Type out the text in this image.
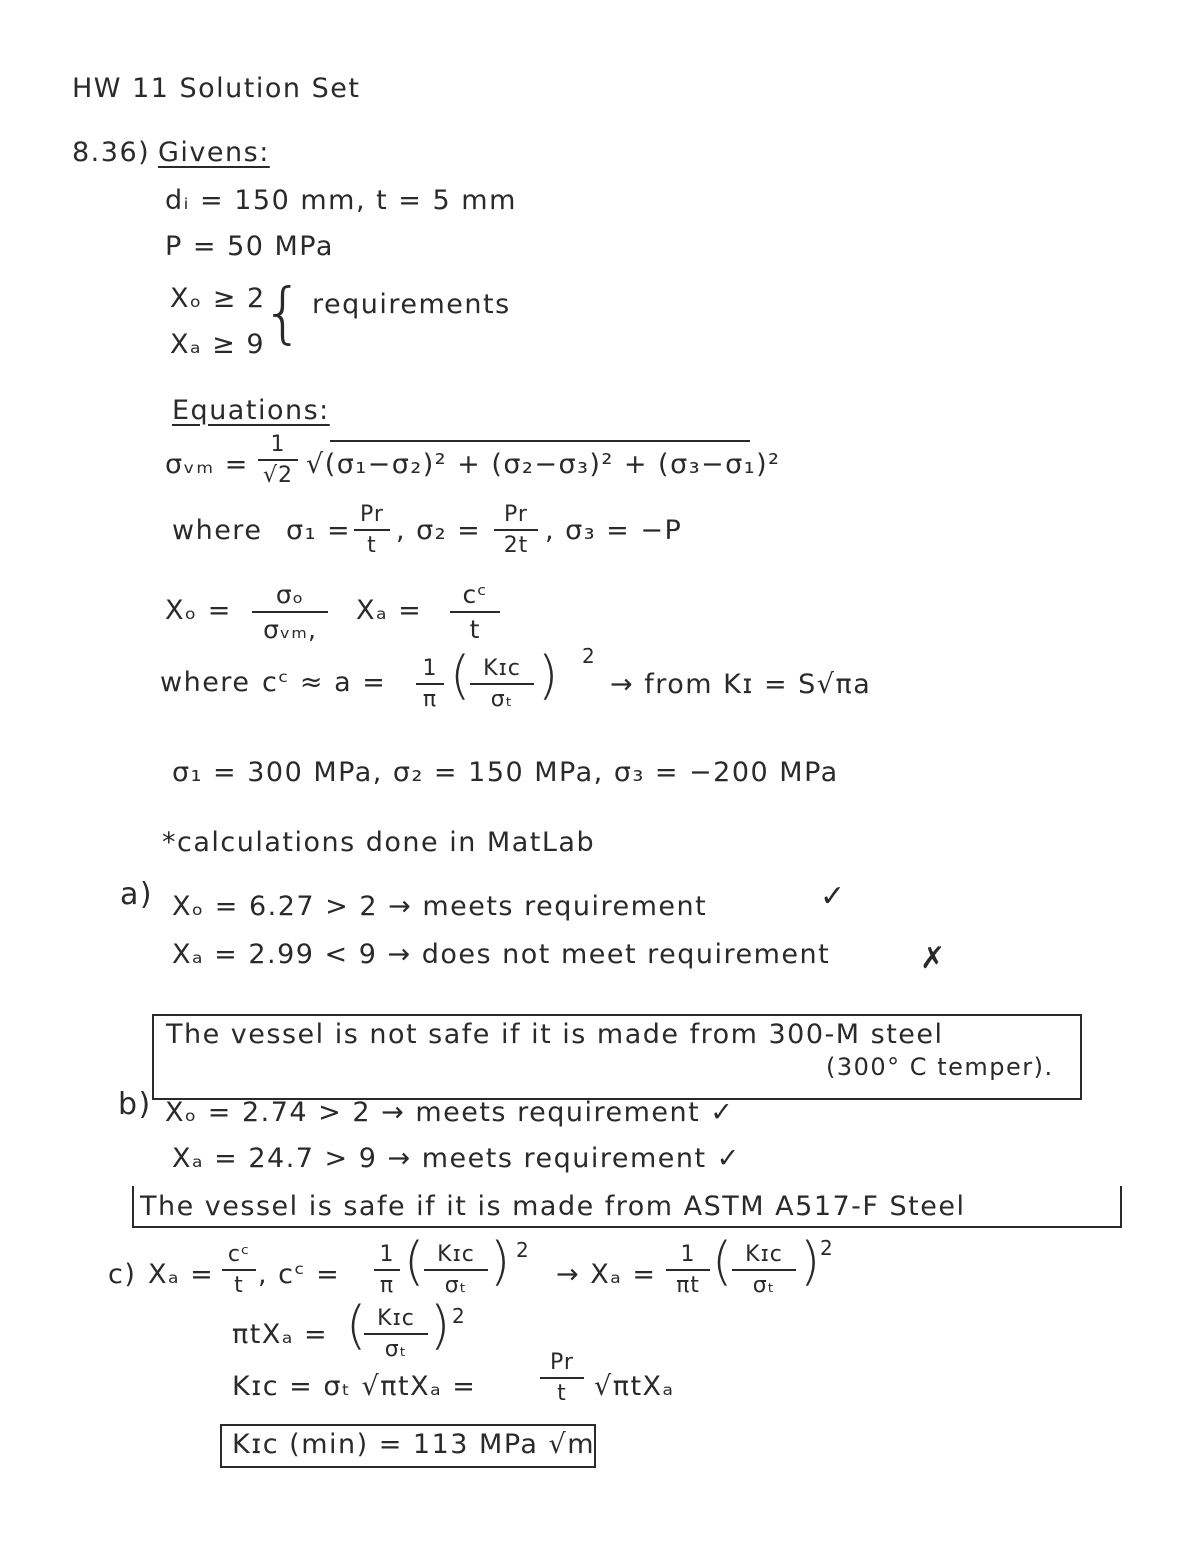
HW 11 Solution Set
8.36) Givens:
dᵢ = 150 mm, t = 5 mm
P = 50 MPa
Xₒ ≥ 2
Xₐ ≥ 9
{ requirements
Equations:
σᵥₘ =
1
√2 √(σ₁−σ₂)² + (σ₂−σ₃)² + (σ₃−σ₁)²
where σ₁ =
Pr
t , σ₂ =
Pr
2t , σ₃ = −P
Xₒ =
σₒ
σᵥₘ,
Xₐ =
cᶜ
t
where cᶜ ≈ a = 1
π ( Kɪᴄ
σₜ ) 2
→ from Kɪ = S√πa
σ₁ = 300 MPa, σ₂ = 150 MPa, σ₃ = −200 MPa
*calculations done in MatLab
a) Xₒ = 6.27 > 2 → meets requirement	✓
Xₐ = 2.99 < 9 → does not meet requirement	✗
The vessel is not safe if it is made from 300-M steel
(300° C temper).
b) Xₒ = 2.74 > 2 → meets requirement ✓
Xₐ = 24.7 > 9 → meets requirement ✓
The vessel is safe if it is made from ASTM A517-F Steel
c) Xₐ =
cᶜ
t , cᶜ =
1
π ( Kɪᴄ
σₜ ) 2
→ Xₐ =
1
πt ( Kɪᴄ
σₜ ) 2
πtXₐ = ( Kɪᴄ
σₜ ) 2
Kɪᴄ = σₜ √πtXₐ =
Pr
t	√πtXₐ
Kɪᴄ (min) = 113 MPa √m
